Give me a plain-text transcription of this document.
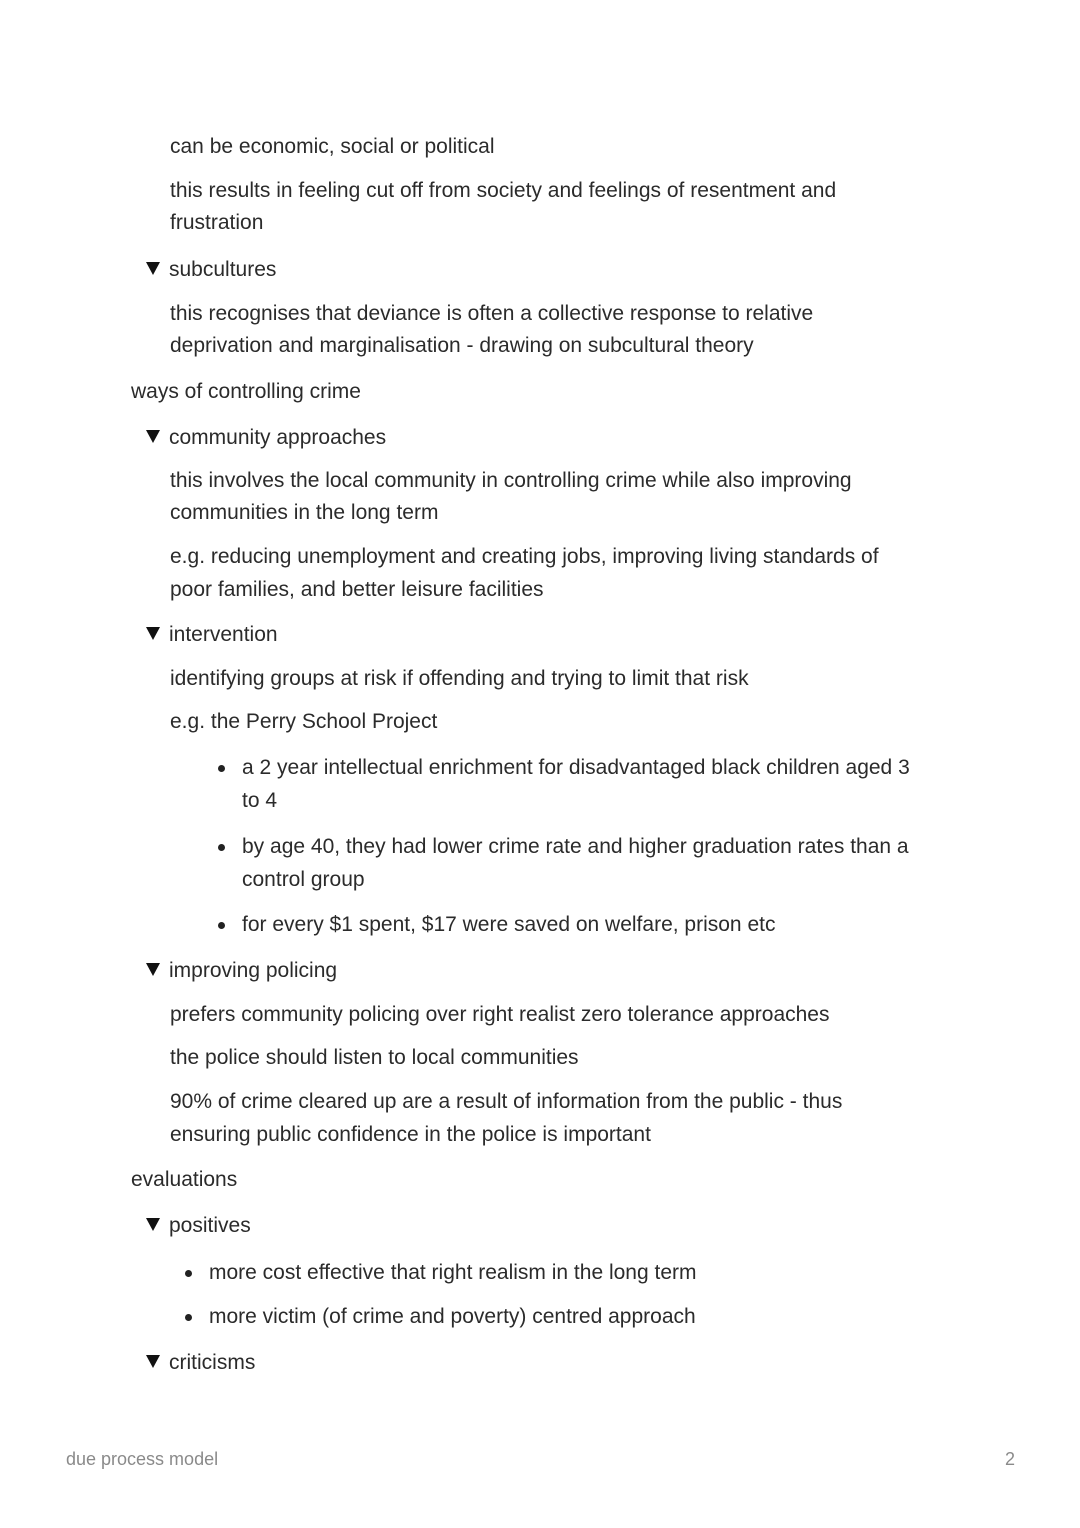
can be economic, social or political
this results in feeling cut off from society and feelings of resentment and
frustration
subcultures
this recognises that deviance is often a collective response to relative
deprivation and marginalisation - drawing on subcultural theory
ways of controlling crime
community approaches
this involves the local community in controlling crime while also improving
communities in the long term
e.g. reducing unemployment and creating jobs, improving living standards of
poor families, and better leisure facilities
intervention
identifying groups at risk if offending and trying to limit that risk
e.g. the Perry School Project
a 2 year intellectual enrichment for disadvantaged black children aged 3
to 4
by age 40, they had lower crime rate and higher graduation rates than a
control group
for every $1 spent, $17 were saved on welfare, prison etc
improving policing
prefers community policing over right realist zero tolerance approaches
the police should listen to local communities
90% of crime cleared up are a result of information from the public - thus
ensuring public confidence in the police is important
evaluations
positives
more cost effective that right realism in the long term
more victim (of crime and poverty) centred approach
criticisms
due process model	2
